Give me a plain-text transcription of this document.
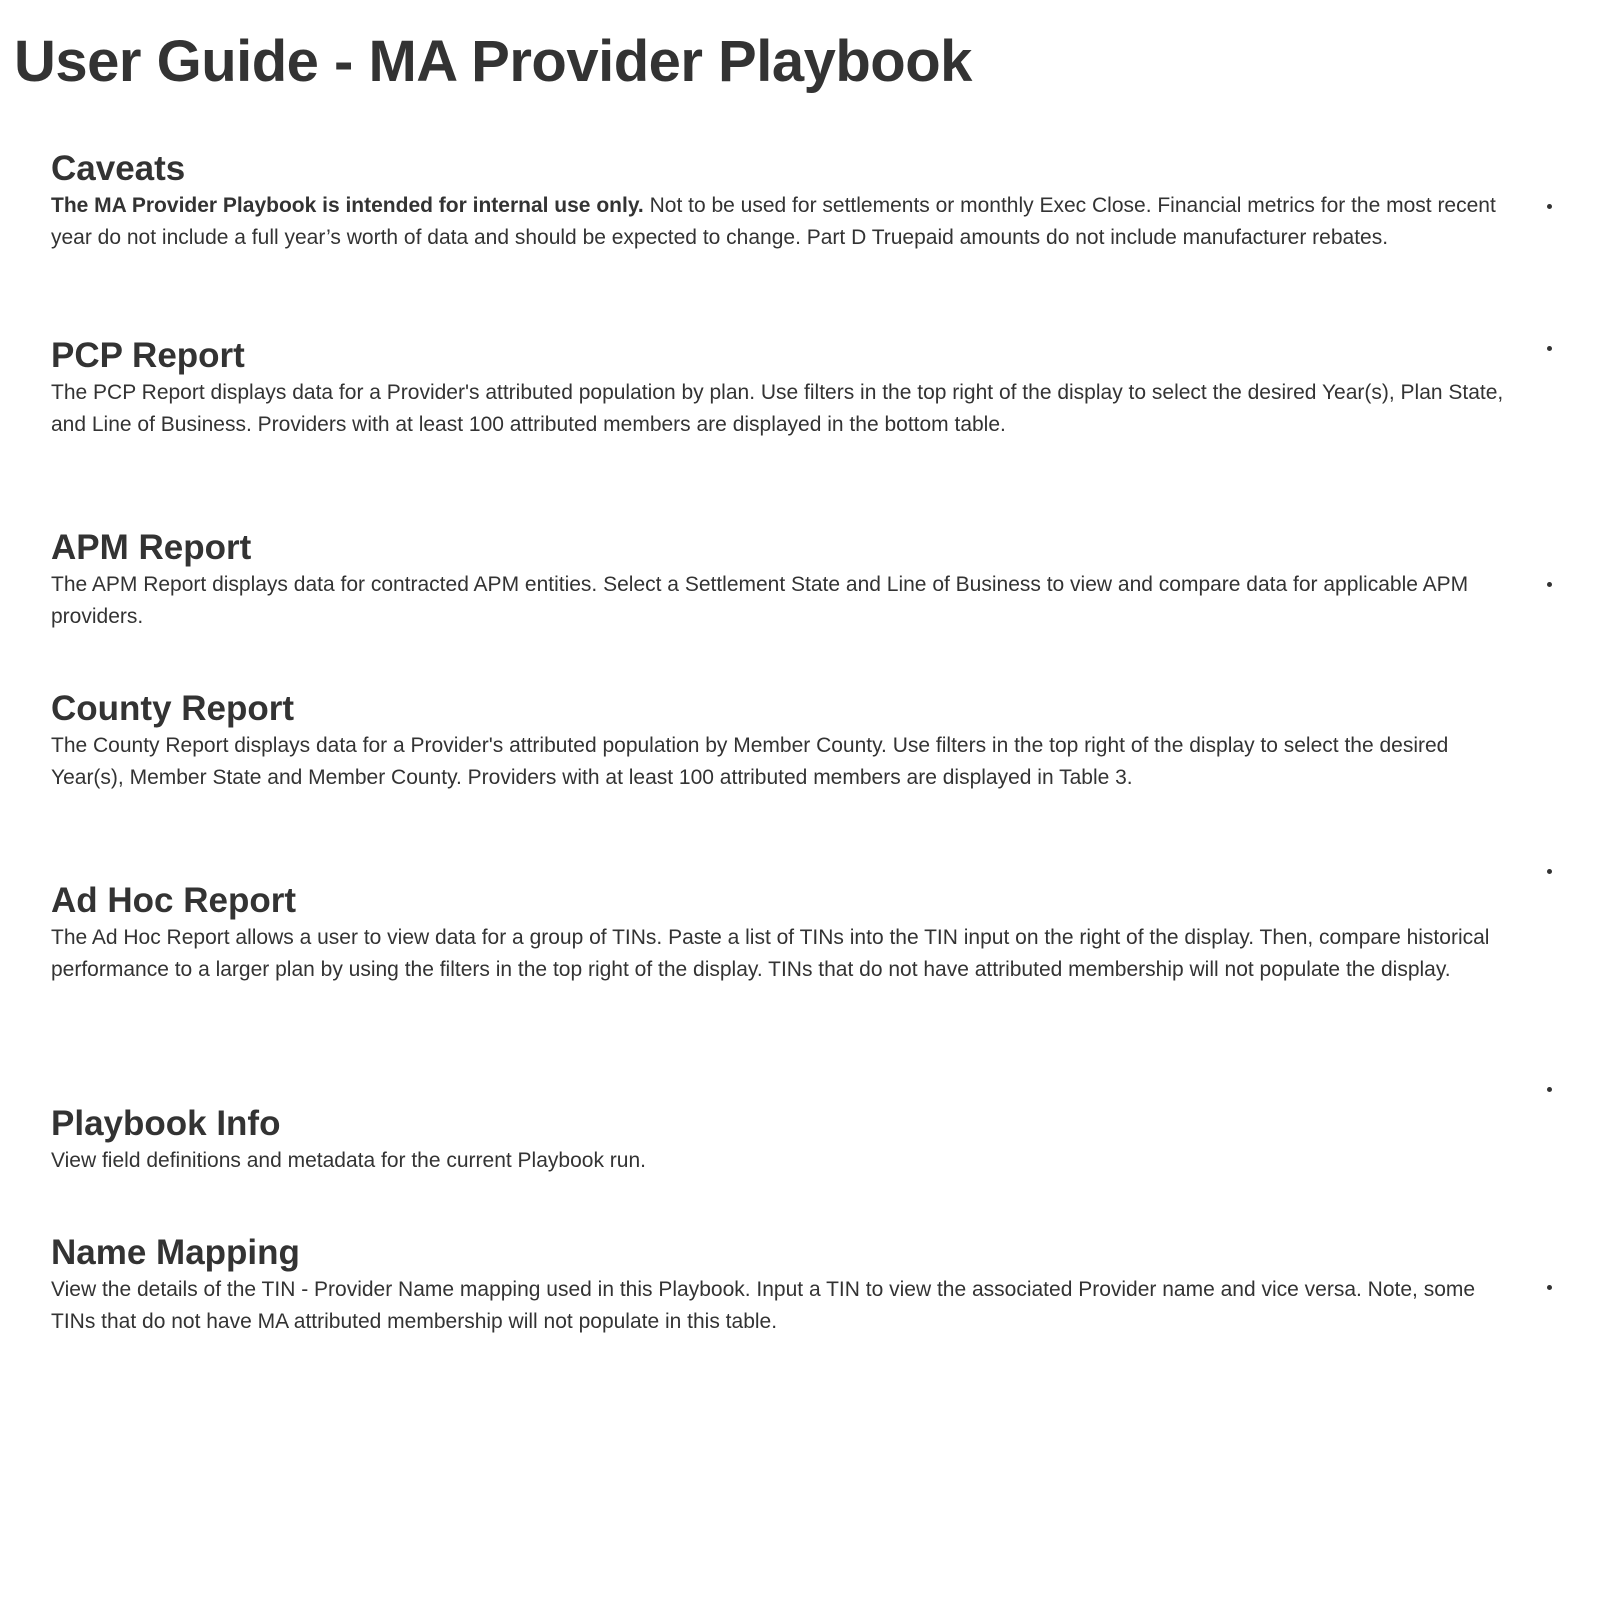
User Guide - MA Provider Playbook
Caveats

The MA Provider Playbook is intended for internal use only. Not to be used for settlements or monthly Exec Close. Financial metrics for the most recent year do not include a full year’s worth of data and should be expected to change. Part D Truepaid amounts do not include manufacturer rebates.

PCP Report

The PCP Report displays data for a Provider's attributed population by plan. Use filters in the top right of the display to select the desired Year(s), Plan State, and Line of Business. Providers with at least 100 attributed members are displayed in the bottom table.

APM Report

The APM Report displays data for contracted APM entities. Select a Settlement State and Line of Business to view and compare data for applicable APM providers.

County Report

The County Report displays data for a Provider's attributed population by Member County. Use filters in the top right of the display to select the desired Year(s), Member State and Member County. Providers with at least 100 attributed members are displayed in Table 3.

Ad Hoc Report

The Ad Hoc Report allows a user to view data for a group of TINs. Paste a list of TINs into the TIN input on the right of the display. Then, compare historical performance to a larger plan by using the filters in the top right of the display. TINs that do not have attributed membership will not populate the display.

Playbook Info

View field definitions and metadata for the current Playbook run.

Name Mapping

View the details of the TIN - Provider Name mapping used in this Playbook. Input a TIN to view the associated Provider name and vice versa. Note, some TINs that do not have MA attributed membership will not populate in this table.
